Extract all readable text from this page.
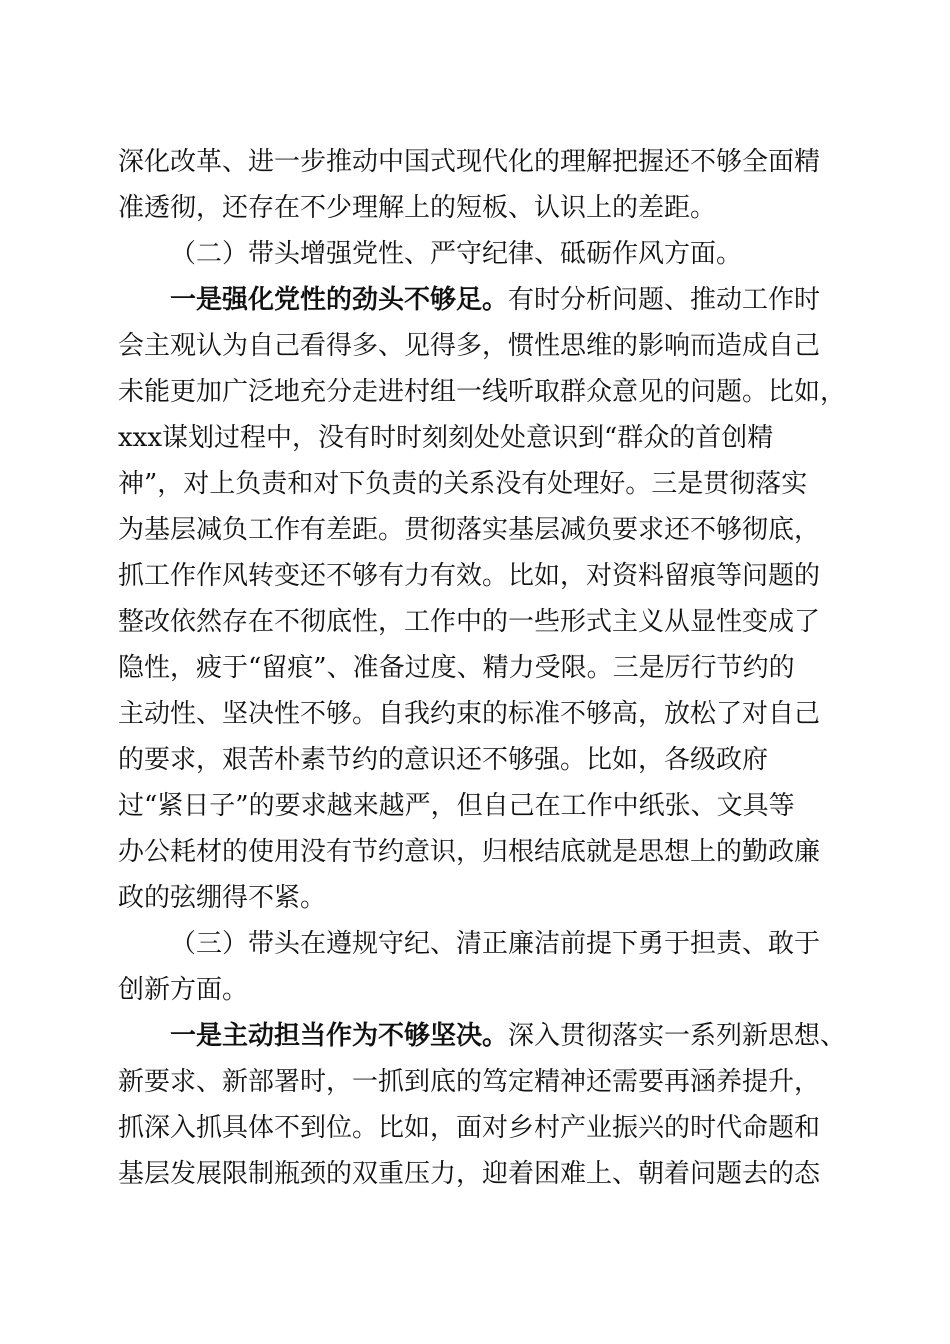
深化改革、进一步推动中国式现代化的理解把握还不够全面精
准透彻，还存在不少理解上的短板、认识上的差距。
（二）带头增强党性、严守纪律、砥砺作风方面。
一是强化党性的劲头不够足。有时分析问题、推动工作时
会主观认为自己看得多、见得多，惯性思维的影响而造成自己
未能更加广泛地充分走进村组一线听取群众意见的问题。比如，
xxx谋划过程中，没有时时刻刻处处意识到“群众的首创精
神”，对上负责和对下负责的关系没有处理好。三是贯彻落实
为基层减负工作有差距。贯彻落实基层减负要求还不够彻底，
抓工作作风转变还不够有力有效。比如，对资料留痕等问题的
整改依然存在不彻底性，工作中的一些形式主义从显性变成了
隐性，疲于“留痕”、准备过度、精力受限。三是厉行节约的
主动性、坚决性不够。自我约束的标准不够高，放松了对自己
的要求，艰苦朴素节约的意识还不够强。比如，各级政府
过“紧日子”的要求越来越严，但自己在工作中纸张、文具等
办公耗材的使用没有节约意识，归根结底就是思想上的勤政廉
政的弦绷得不紧。
（三）带头在遵规守纪、清正廉洁前提下勇于担责、敢于
创新方面。
一是主动担当作为不够坚决。深入贯彻落实一系列新思想、
新要求、新部署时，一抓到底的笃定精神还需要再涵养提升，
抓深入抓具体不到位。比如，面对乡村产业振兴的时代命题和
基层发展限制瓶颈的双重压力，迎着困难上、朝着问题去的态
